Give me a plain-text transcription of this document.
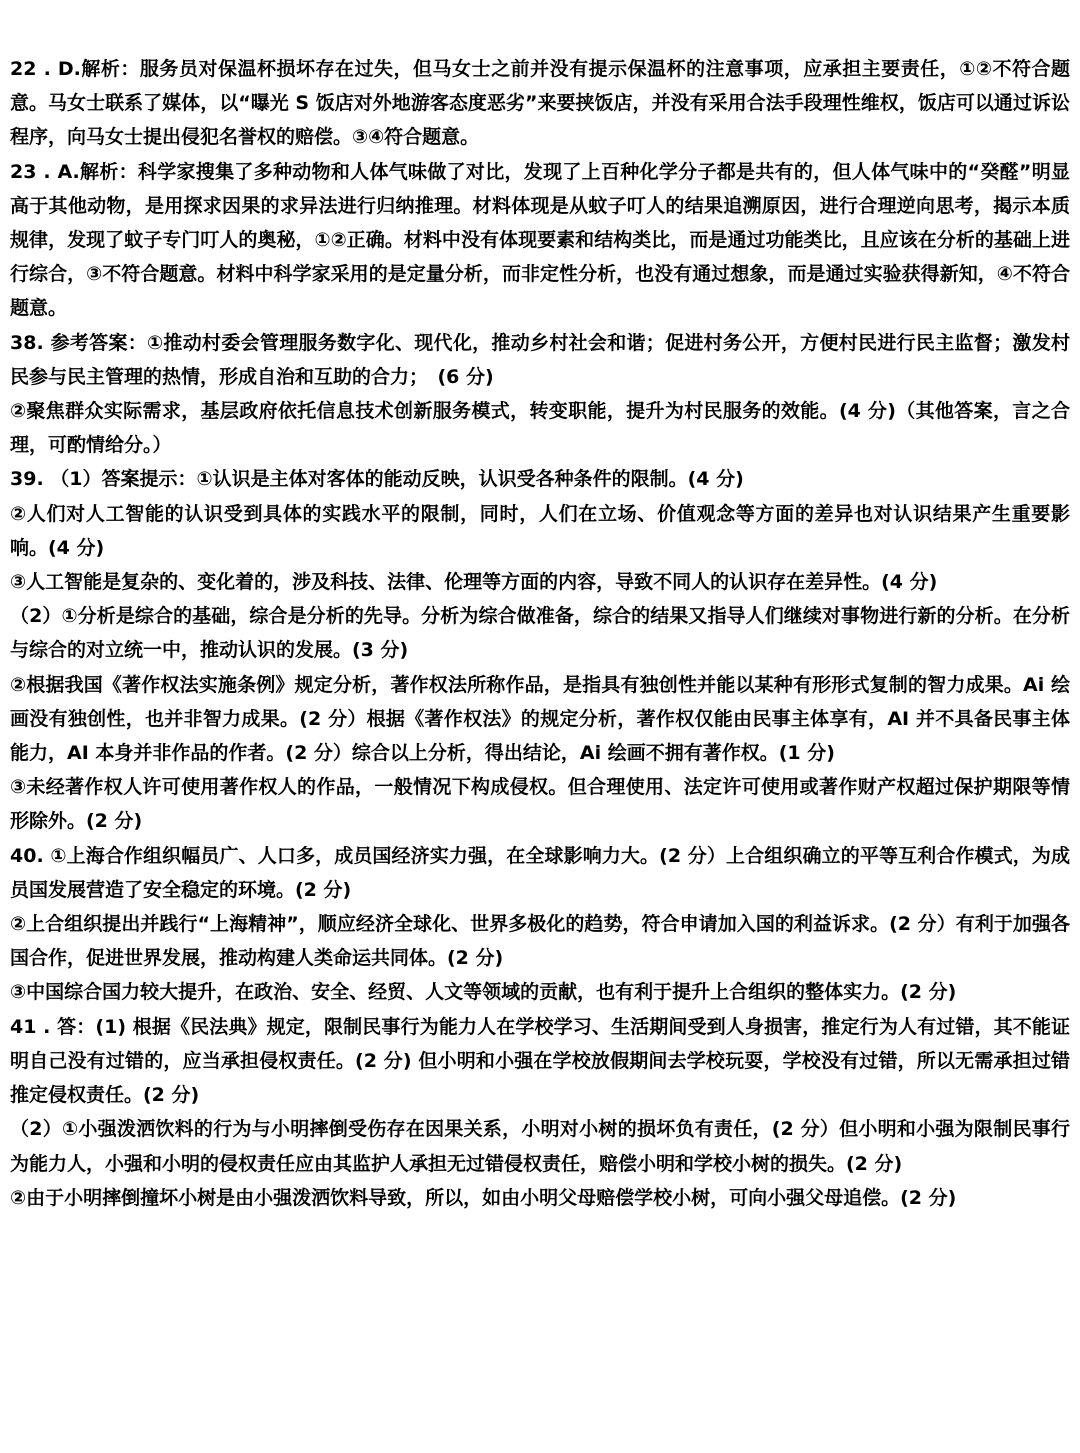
22 . D.解析：服务员对保温杯损坏存在过失，但马女士之前并没有提示保温杯的注意事项，应承担主要责任，①②不符合题意。马女士联系了媒体，以“曝光 S 饭店对外地游客态度恶劣”来要挟饭店，并没有采用合法手段理性维权，饭店可以通过诉讼程序，向马女士提出侵犯名誉权的赔偿。③④符合题意。

23 . A.解析：科学家搜集了多种动物和人体气味做了对比，发现了上百种化学分子都是共有的，但人体气味中的“癸醛”明显高于其他动物，是用探求因果的求异法进行归纳推理。材料体现是从蚊子叮人的结果追溯原因，进行合理逆向思考，揭示本质规律，发现了蚊子专门叮人的奥秘，①②正确。材料中没有体现要素和结构类比，而是通过功能类比，且应该在分析的基础上进行综合，③不符合题意。材料中科学家采用的是定量分析，而非定性分析，也没有通过想象，而是通过实验获得新知，④不符合题意。

38. 参考答案：①推动村委会管理服务数字化、现代化，推动乡村社会和谐；促进村务公开，方便村民进行民主监督；激发村民参与民主管理的热情，形成自治和互助的合力；　(6 分)

②聚焦群众实际需求，基层政府依托信息技术创新服务模式，转变职能，提升为村民服务的效能。(4 分)（其他答案，言之合理，可酌情给分。）

39. （1）答案提示：①认识是主体对客体的能动反映，认识受各种条件的限制。(4 分)

②人们对人工智能的认识受到具体的实践水平的限制，同时，人们在立场、价值观念等方面的差异也对认识结果产生重要影响。(4 分)

③人工智能是复杂的、变化着的，涉及科技、法律、伦理等方面的内容，导致不同人的认识存在差异性。(4 分)

（2）①分析是综合的基础，综合是分析的先导。分析为综合做准备，综合的结果又指导人们继续对事物进行新的分析。在分析与综合的对立统一中，推动认识的发展。(3 分)

②根据我国《著作权法实施条例》规定分析，著作权法所称作品，是指具有独创性并能以某种有形形式复制的智力成果。Ai 绘画没有独创性，也并非智力成果。(2 分）根据《著作权法》的规定分析，著作权仅能由民事主体享有，AI 并不具备民事主体能力，AI 本身并非作品的作者。(2 分）综合以上分析，得出结论，Ai 绘画不拥有著作权。(1 分)

③未经著作权人许可使用著作权人的作品，一般情况下构成侵权。但合理使用、法定许可使用或著作财产权超过保护期限等情形除外。(2 分)

40. ①上海合作组织幅员广、人口多，成员国经济实力强，在全球影响力大。(2 分）上合组织确立的平等互利合作模式，为成员国发展营造了安全稳定的环境。(2 分)

②上合组织提出并践行“上海精神”，顺应经济全球化、世界多极化的趋势，符合申请加入国的利益诉求。(2 分）有利于加强各国合作，促进世界发展，推动构建人类命运共同体。(2 分)

③中国综合国力较大提升，在政治、安全、经贸、人文等领域的贡献，也有利于提升上合组织的整体实力。(2 分)

41 . 答：(1) 根据《民法典》规定，限制民事行为能力人在学校学习、生活期间受到人身损害，推定行为人有过错，其不能证明自己没有过错的，应当承担侵权责任。(2 分) 但小明和小强在学校放假期间去学校玩耍，学校没有过错，所以无需承担过错推定侵权责任。(2 分)

（2）①小强泼洒饮料的行为与小明摔倒受伤存在因果关系，小明对小树的损坏负有责任，(2 分）但小明和小强为限制民事行为能力人，小强和小明的侵权责任应由其监护人承担无过错侵权责任，赔偿小明和学校小树的损失。(2 分)

②由于小明摔倒撞坏小树是由小强泼洒饮料导致，所以，如由小明父母赔偿学校小树，可向小强父母追偿。(2 分)
